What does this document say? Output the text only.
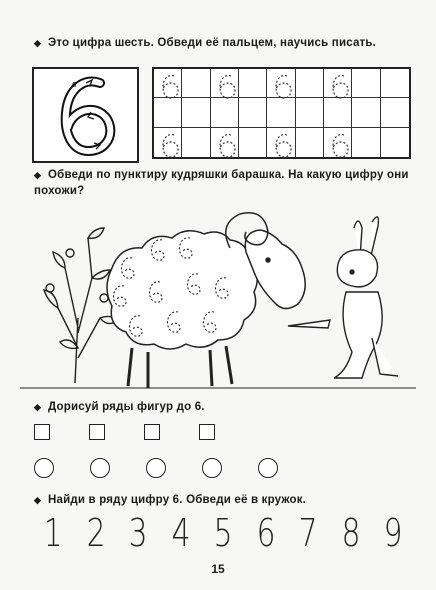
◆ Это цифра шесть. Обведи её пальцем, научись писать.
6
◆ Обведи по пунктиру кудряшки барашка. На какую цифру они похожи?
◆ Дорисуй ряды фигур до 6.
◆ Найди в ряду цифру 6. Обведи её в кружок.
1 2 3 4 5 6 7 8 9
15
